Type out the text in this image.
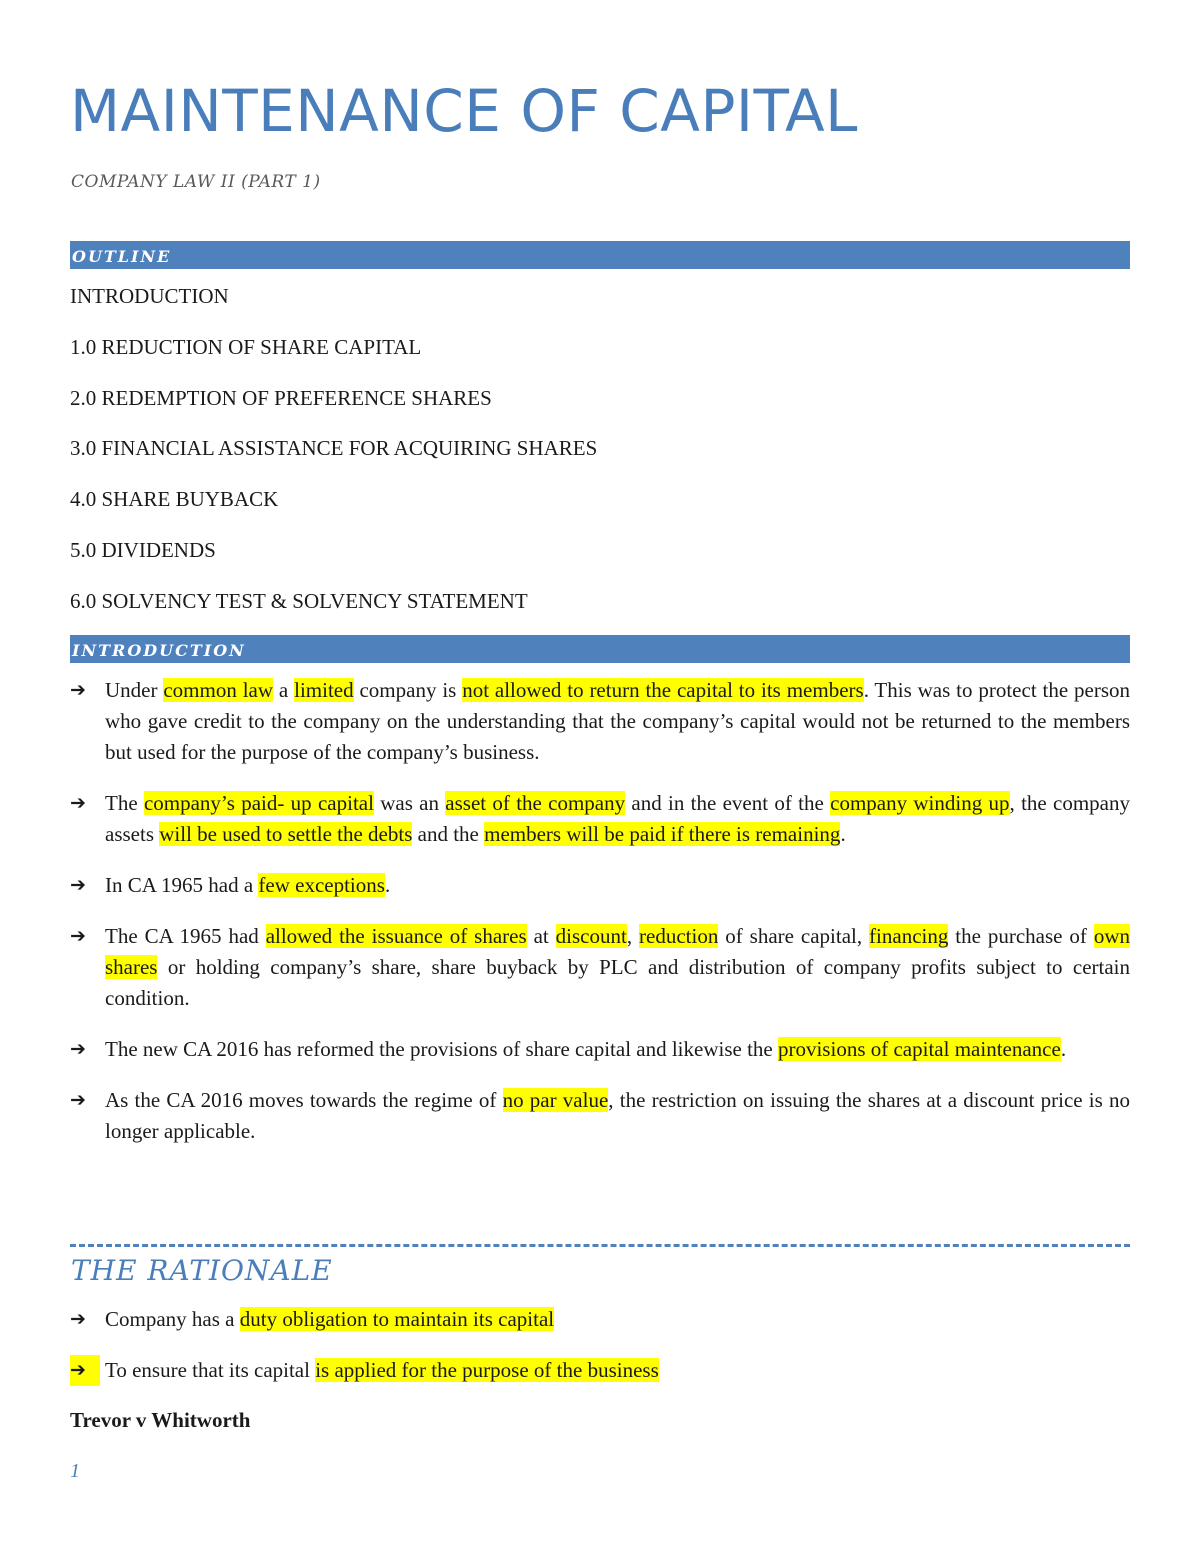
MAINTENANCE OF CAPITAL

COMPANY LAW II (PART 1)

OUTLINE
INTRODUCTION
1.0 REDUCTION OF SHARE CAPITAL
2.0 REDEMPTION OF PREFERENCE SHARES
3.0 FINANCIAL ASSISTANCE FOR ACQUIRING SHARES
4.0 SHARE BUYBACK
5.0 DIVIDENDS
6.0 SOLVENCY TEST & SOLVENCY STATEMENT
INTRODUCTION
➔ Under common law a limited company is not allowed to return the capital to its members. This was to protect the person who gave credit to the company on the understanding that the company’s capital would not be returned to the members but used for the purpose of the company’s business.
➔ The company’s paid- up capital was an asset of the company and in the event of the company winding up, the company assets will be used to settle the debts and the members will be paid if there is remaining.
➔ In CA 1965 had a few exceptions.
➔ The CA 1965 had allowed the issuance of shares at discount, reduction of share capital, financing the purchase of own shares or holding company’s share, share buyback by PLC and distribution of company profits subject to certain condition.
➔ The new CA 2016 has reformed the provisions of share capital and likewise the provisions of capital maintenance.
➔ As the CA 2016 moves towards the regime of no par value, the restriction on issuing the shares at a discount price is no longer applicable.
THE RATIONALE
➔ Company has a duty obligation to maintain its capital
➔ To ensure that its capital is applied for the purpose of the business
Trevor v Whitworth
1
